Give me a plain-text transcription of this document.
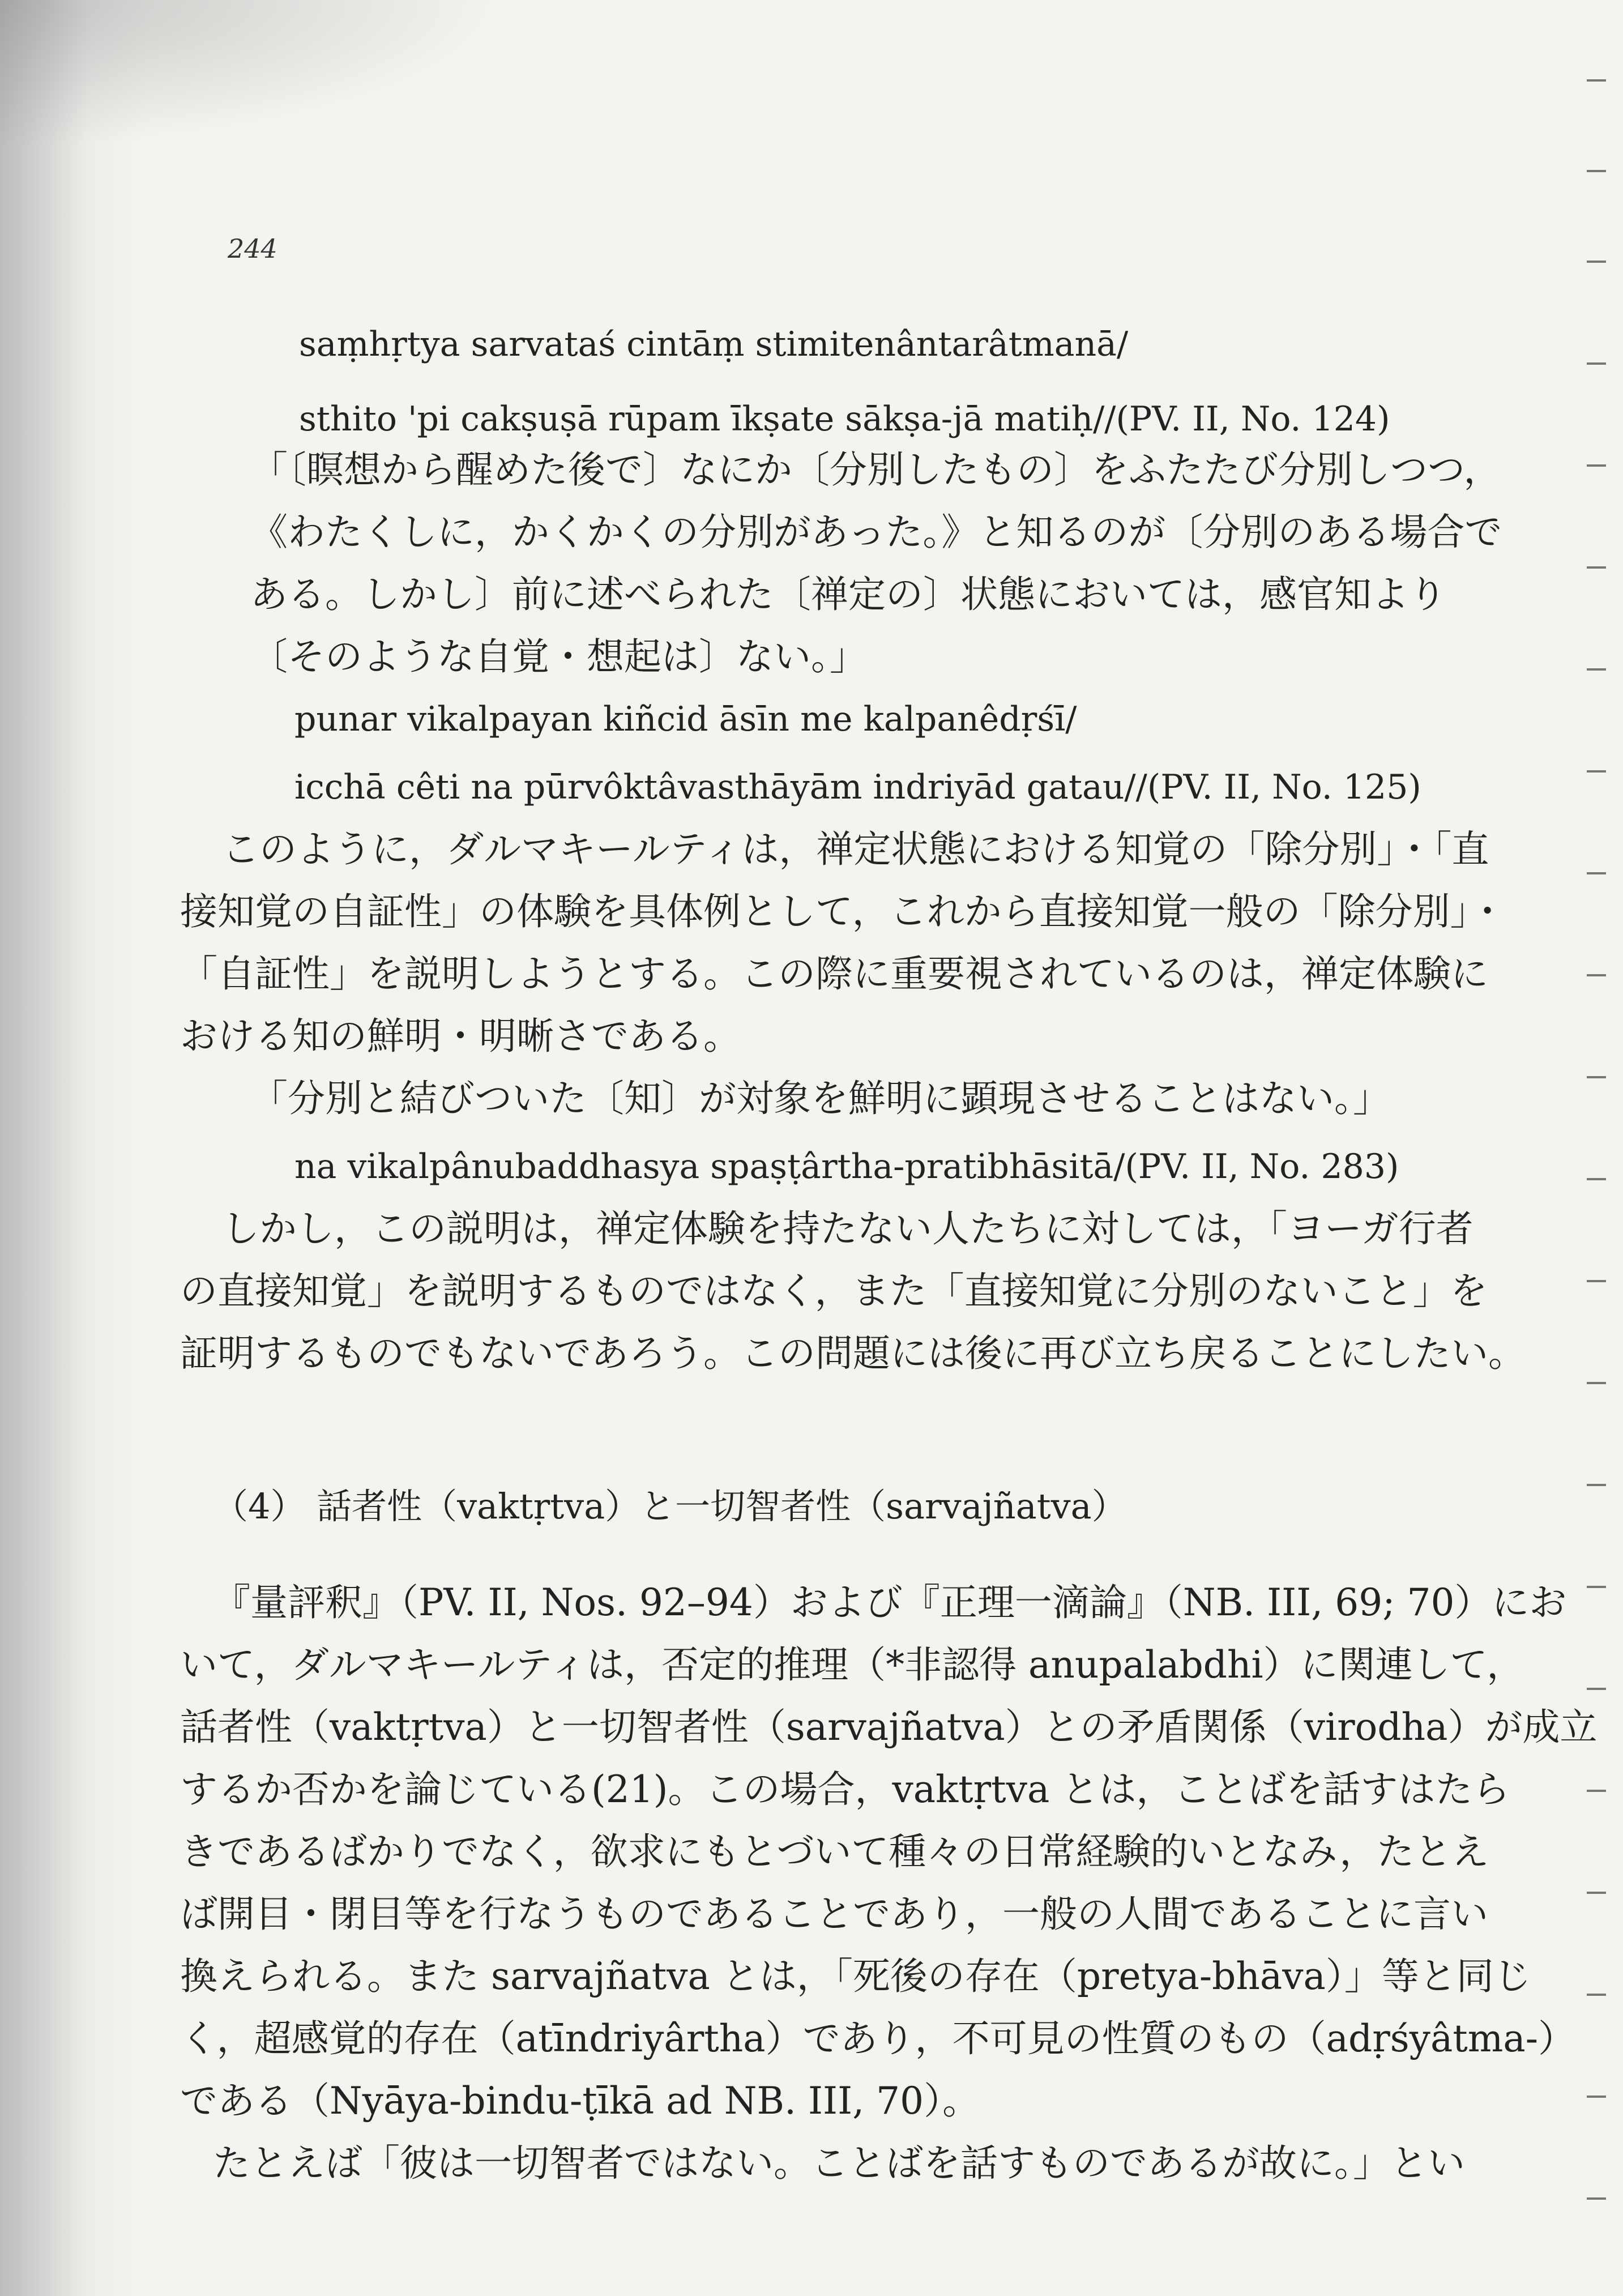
244
saṃhṛtya sarvataś cintāṃ stimitenântarâtmanā/
sthito 'pi cakṣuṣā rūpam īkṣate sākṣa-jā matiḥ//(PV. II, No. 124)
「〔瞑想から醒めた後で〕なにか〔分別したもの〕をふたたび分別しつつ，
《わたくしに，かくかくの分別があった。》と知るのが〔分別のある場合で
ある。しかし〕前に述べられた〔禅定の〕状態においては，感官知より
〔そのような自覚・想起は〕ない。」
punar vikalpayan kiñcid āsīn me kalpanêdṛśī/
icchā cêti na pūrvôktâvasthāyām indriyād gatau//(PV. II, No. 125)
このように，ダルマキールティは，禅定状態における知覚の「除分別」・「直
接知覚の自証性」の体験を具体例として，これから直接知覚一般の「除分別」・
「自証性」を説明しようとする。この際に重要視されているのは，禅定体験に
おける知の鮮明・明晰さである。
「分別と結びついた〔知〕が対象を鮮明に顕現させることはない。」
na vikalpânubaddhasya spaṣṭârtha-pratibhāsitā/(PV. II, No. 283)
しかし，この説明は，禅定体験を持たない人たちに対しては，「ヨーガ行者
の直接知覚」を説明するものではなく，また「直接知覚に分別のないこと」を
証明するものでもないであろう。この問題には後に再び立ち戻ることにしたい。
（4） 話者性（vaktṛtva）と一切智者性（sarvajñatva）
『量評釈』（PV. II, Nos. 92–94）および『正理一滴論』（NB. III, 69; 70）にお
いて，ダルマキールティは，否定的推理（*非認得 anupalabdhi）に関連して，
話者性（vaktṛtva）と一切智者性（sarvajñatva）との矛盾関係（virodha）が成立
するか否かを論じている(21)。この場合，vaktṛtva とは，ことばを話すはたら
きであるばかりでなく，欲求にもとづいて種々の日常経験的いとなみ，たとえ
ば開目・閉目等を行なうものであることであり，一般の人間であることに言い
換えられる。また sarvajñatva とは，「死後の存在（pretya-bhāva）」等と同じ
く，超感覚的存在（atīndriyârtha）であり，不可見の性質のもの（adṛśyâtma-）
である（Nyāya-bindu-ṭīkā ad NB. III, 70）。
たとえば「彼は一切智者ではない。ことばを話すものであるが故に。」とい
